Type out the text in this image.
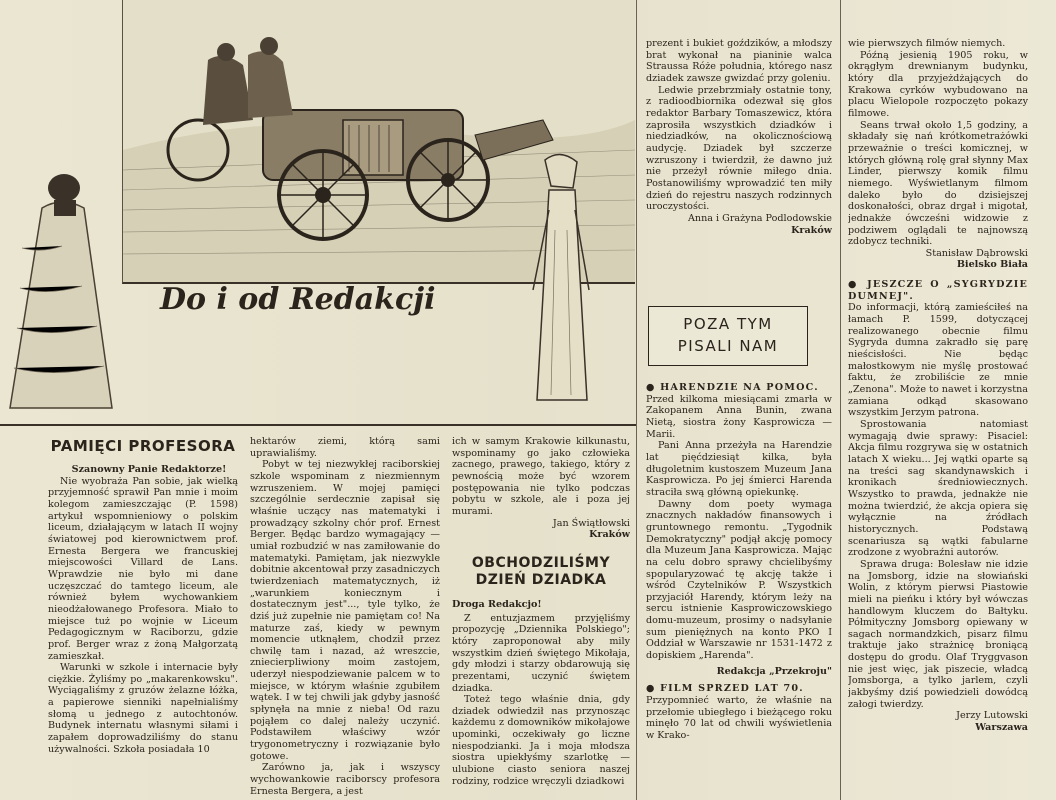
Do i od Redakcji
PAMIĘCI PROFESORA

Szanowny Panie Redaktorze!

Nie wyobraża Pan sobie, jak wielką przyjemność sprawił Pan mnie i moim kolegom zamieszczając (P. 1598) artykuł wspomnieniowy o polskim liceum, działającym w latach II wojny światowej pod kierownictwem prof. Ernesta Bergera we francuskiej miejscowości Villard de Lans. Wprawdzie nie było mi dane uczęszczać do tamtego liceum, ale również byłem wychowankiem nieodżałowanego Profesora. Miało to miejsce tuż po wojnie w Liceum Pedagogicznym w Raciborzu, gdzie prof. Berger wraz z żoną Małgorzatą zamieszkał.

Warunki w szkole i internacie były ciężkie. Żyliśmy po „makarenkowsku". Wyciągaliśmy z gruzów żelazne łóżka, a papierowe sienniki napełnialiśmy słomą u jednego z autochtonów. Budynek internatu własnymi siłami i zapałem doprowadziliśmy do stanu używalności. Szkoła posiadała 10

hektarów ziemi, którą sami uprawialiśmy.

Pobyt w tej niezwykłej raciborskiej szkole wspominam z niezmiennym wzruszeniem. W mojej pamięci szczególnie serdecznie zapisał się właśnie uczący nas matematyki i prowadzący szkolny chór prof. Ernest Berger. Będąc bardzo wymagający — umiał rozbudzić w nas zamiłowanie do matematyki. Pamiętam, jak niezwykle dobitnie akcentował przy zasadniczych twierdzeniach matematycznych, iż „warunkiem koniecznym i dostatecznym jest"..., tyle tylko, że dziś już zupełnie nie pamiętam co! Na maturze zaś, kiedy w pewnym momencie utknąłem, chodził przez chwilę tam i nazad, aż wreszcie, zniecierpliwiony moim zastojem, uderzył niespodziewanie palcem w to miejsce, w którym właśnie zgubiłem wątek. I w tej chwili jak gdyby jasność spłynęła na mnie z nieba! Od razu pojąłem co dalej należy uczynić. Podstawiłem właściwy wzór trygonometryczny i rozwiązanie było gotowe.

Zarówno ja, jak i wszyscy wychowankowie raciborscy profesora Ernesta Bergera, a jest

ich w samym Krakowie kilkunastu, wspominamy go jako człowieka zacnego, prawego, takiego, który z pewnością może być wzorem postępowania nie tylko podczas pobytu w szkole, ale i poza jej murami.

Jan Świątłowski

Kraków

OBCHODZILIŚMY DZIEŃ DZIADKA

Droga Redakcjo!

Z entuzjazmem przyjęliśmy propozycję „Dziennika Polskiego"; który zaproponował aby mily wszystkim dzień świętego Mikołaja, gdy młodzi i starzy obdarowują się prezentami, uczynić świętem dziadka.

Toteż tego właśnie dnia, gdy dziadek odwiedził nas przynosząc każdemu z domowników mikołajowe upominki, oczekiwały go liczne niespodzianki. Ja i moja młodsza siostra upiekłyśmy szarlotkę — ulubione ciasto seniora naszej rodziny, rodzice wręczyli dziadkowi

prezent i bukiet goździków, a młodszy brat wykonał na pianinie walca Straussa Róże południa, którego nasz dziadek zawsze gwizdać przy goleniu.

Ledwie przebrzmiały ostatnie tony, z radioodbiornika odezwał się głos redaktor Barbary Tomaszewicz, która zaprosiła wszystkich dziadków i niedziadków, na okolicznościową audycję. Dziadek był szczerze wzruszony i twierdził, że dawno już nie przeżył równie miłego dnia. Postanowiliśmy wprowadzić ten miły dzień do rejestru naszych rodzinnych uroczystości.

Anna i Grażyna Podlodowskie

Kraków

POZA TYM
PISALI NAM

● HARENDZIE NA POMOC.

Przed kilkoma miesiącami zmarła w Zakopanem Anna Bunin, zwana Nietą, siostra żony Kasprowicza — Marii.

Pani Anna przeżyła na Harendzie lat pięćdziesiąt kilka, była długoletnim kustoszem Muzeum Jana Kasprowicza. Po jej śmierci Harenda straciła swą główną opiekunkę.

Dawny dom poety wymaga znacznych nakładów finansowych i gruntownego remontu. „Tygodnik Demokratyczny" podjął akcję pomocy dla Muzeum Jana Kasprowicza. Mając na celu dobro sprawy chcielibyśmy spopularyzować tę akcję także i wśród Czytelników P. Wszystkich przyjaciół Harendy, którym leży na sercu istnienie Kasprowiczowskiego domu-muzeum, prosimy o nadsyłanie sum pieniężnych na konto PKO I Oddział w Warszawie nr 1531-1472 z dopiskiem „Harenda".

Redakcja „Przekroju"

● FILM SPRZED LAT 70.

Przypomnieć warto, że właśnie na przełomie ubiegłego i bieżącego roku minęło 70 lat od chwili wyświetlenia w Krako-

wie pierwszych filmów niemych.

Późną jesienią 1905 roku, w okrągłym drewnianym budynku, który dla przyjeżdżających do Krakowa cyrków wybudowano na placu Wielopole rozpoczęto pokazy filmowe.

Seans trwał około 1,5 godziny, a składały się nań krótkometrażówki przeważnie o treści komicznej, w których główną rolę grał słynny Max Linder, pierwszy komik filmu niemego. Wyświetlanym filmom daleko było do dzisiejszej doskonałości, obraz drgał i migotał, jednakże ówcześni widzowie z podziwem oglądali te najnowszą zdobycz techniki.

Stanisław Dąbrowski

Bielsko Biała

● JESZCZE O „SYGRYDZIE DUMNEJ".

Do informacji, którą zamieściłeś na łamach P. 1599, dotyczącej realizowanego obecnie filmu Sygryda dumna zakradło się parę nieścisłości. Nie będąc małostkowym nie myślę prostować faktu, że zrobiliście ze mnie „Zenona". Może to nawet i korzystna zamiana odkąd skasowano wszystkim Jerzym patrona.

Sprostowania natomiast wymagają dwie sprawy: Pisaciel: Akcja filmu rozgrywa się w ostatnich latach X wieku... Jej wątki oparte są na treści sag skandynawskich i kronikach średniowiecznych. Wszystko to prawda, jednakże nie można twierdzić, że akcja opiera się wyłącznie na źródłach historycznych. Podstawą scenariusza są wątki fabularne zrodzone z wyobraźni autorów.

Sprawa druga: Bolesław nie idzie na Jomsborg, idzie na słowiański Wolin, z którym pierwsi Piastowie mieli na pieńku i który był wówczas handlowym kluczem do Bałtyku. Półmityczny Jomsborg opiewany w sagach normandzkich, pisarz filmu traktuje jako strażnicę broniącą dostępu do grodu. Olaf Tryggvason nie jest więc, jak piszecie, władcą Jomsborga, a tylko jarlem, czyli jakbyśmy dziś powiedzieli dowódcą załogi twierdzy.

Jerzy Lutowski

Warszawa
